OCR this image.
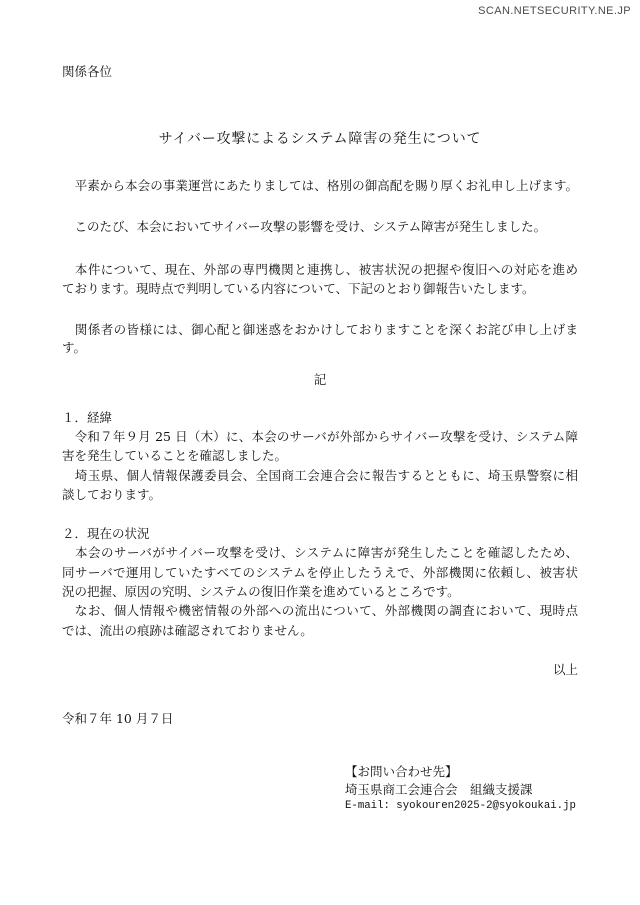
SCAN.NETSECURITY.NE.JP
関係各位
サイバー攻撃によるシステム障害の発生について
　平素から本会の事業運営にあたりましては、格別の御高配を賜り厚くお礼申し上げます。
　このたび、本会においてサイバー攻撃の影響を受け、システム障害が発生しました。
　本件について、現在、外部の専門機関と連携し、被害状況の把握や復旧への対応を進め
ております。現時点で判明している内容について、下記のとおり御報告いたします。
　関係者の皆様には、御心配と御迷惑をおかけしておりますことを深くお詫び申し上げま
す。
記
１．経緯
　令和７年９月 25 日（木）に、本会のサーバが外部からサイバー攻撃を受け、システム障
害を発生していることを確認しました。
　埼玉県、個人情報保護委員会、全国商工会連合会に報告するとともに、埼玉県警察に相
談しております。
２．現在の状況
　本会のサーバがサイバー攻撃を受け、システムに障害が発生したことを確認したため、
同サーバで運用していたすべてのシステムを停止したうえで、外部機関に依頼し、被害状
況の把握、原因の究明、システムの復旧作業を進めているところです。
　なお、個人情報や機密情報の外部への流出について、外部機関の調査において、現時点
では、流出の痕跡は確認されておりません。
以上
令和７年 10 月７日
【お問い合わせ先】
埼玉県商工会連合会　組織支援課
E-mail: syokouren2025-2@syokoukai.jp
